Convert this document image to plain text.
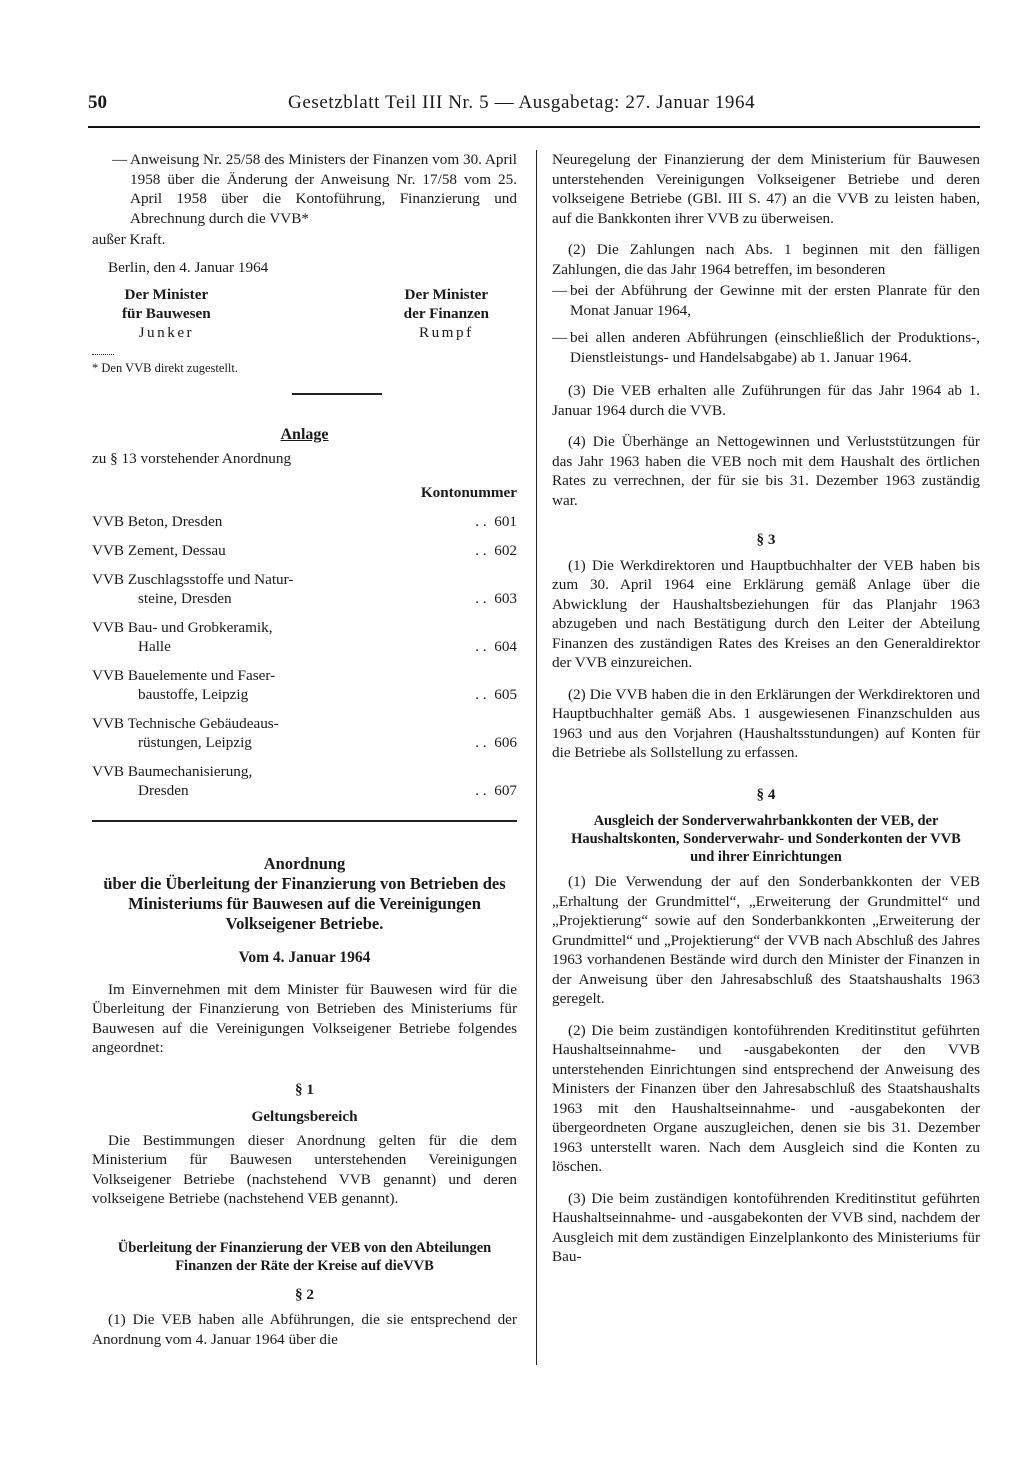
50	Gesetzblatt Teil III Nr. 5 — Ausgabetag: 27. Januar 1964
— Anweisung Nr. 25/58 des Ministers der Finanzen vom 30. April 1958 über die Änderung der Anweisung Nr. 17/58 vom 25. April 1958 über die Kontoführung, Finanzierung und Abrechnung durch die VVB*

außer Kraft.

Berlin, den 4. Januar 1964

Der Minister
für Bauwesen
Junker
Der Minister
der Finanzen
Rumpf

* Den VVB direkt zugestellt.

Anlage

zu § 13 vorstehender Anordnung

Kontonummer

VVB Beton, Dresden	. .  601

VVB Zement, Dessau	. .  602

VVB Zuschlagsstoffe und Natur-
steine, Dresden	. .  603

VVB Bau- und Grobkeramik,
Halle	. .  604

VVB Bauelemente und Faser-
baustoffe, Leipzig	. .  605

VVB Technische Gebäudeaus-
rüstungen, Leipzig	. .  606

VVB Baumechanisierung,
Dresden	. .  607

Anordnung

über die Überleitung der Finanzierung von Betrieben des Ministeriums für Bauwesen auf die Vereinigungen Volkseigener Betriebe.

Vom 4. Januar 1964

Im Einvernehmen mit dem Minister für Bauwesen wird für die Überleitung der Finanzierung von Betrieben des Ministeriums für Bauwesen auf die Vereinigungen Volkseigener Betriebe folgendes angeordnet:

§ 1

Geltungsbereich

Die Bestimmungen dieser Anordnung gelten für die dem Ministerium für Bauwesen unterstehenden Vereinigungen Volkseigener Betriebe (nachstehend VVB genannt) und deren volkseigene Betriebe (nachstehend VEB genannt).

Überleitung der Finanzierung der VEB von den Abteilungen Finanzen der Räte der Kreise auf dieVVB

§ 2

(1) Die VEB haben alle Abführungen, die sie entsprechend der Anordnung vom 4. Januar 1964 über die

Neuregelung der Finanzierung der dem Ministerium für Bauwesen unterstehenden Vereinigungen Volkseigener Betriebe und deren volkseigene Betriebe (GBl. III S. 47) an die VVB zu leisten haben, auf die Bankkonten ihrer VVB zu überweisen.

(2) Die Zahlungen nach Abs. 1 beginnen mit den fälligen Zahlungen, die das Jahr 1964 betreffen, im besonderen

— bei der Abführung der Gewinne mit der ersten Planrate für den Monat Januar 1964,
— bei allen anderen Abführungen (einschließlich der Produktions-, Dienstleistungs- und Handelsabgabe) ab 1. Januar 1964.

(3) Die VEB erhalten alle Zuführungen für das Jahr 1964 ab 1. Januar 1964 durch die VVB.

(4) Die Überhänge an Nettogewinnen und Verluststützungen für das Jahr 1963 haben die VEB noch mit dem Haushalt des örtlichen Rates zu verrechnen, der für sie bis 31. Dezember 1963 zuständig war.

§ 3

(1) Die Werkdirektoren und Hauptbuchhalter der VEB haben bis zum 30. April 1964 eine Erklärung gemäß Anlage über die Abwicklung der Haushaltsbeziehungen für das Planjahr 1963 abzugeben und nach Bestätigung durch den Leiter der Abteilung Finanzen des zuständigen Rates des Kreises an den Generaldirektor der VVB einzureichen.

(2) Die VVB haben die in den Erklärungen der Werkdirektoren und Hauptbuchhalter gemäß Abs. 1 ausgewiesenen Finanzschulden aus 1963 und aus den Vorjahren (Haushaltsstundungen) auf Konten für die Betriebe als Sollstellung zu erfassen.

§ 4

Ausgleich der Sonderverwahrbankkonten der VEB, der Haushaltskonten, Sonderverwahr- und Sonderkonten der VVB und ihrer Einrichtungen

(1) Die Verwendung der auf den Sonderbankkonten der VEB „Erhaltung der Grundmittel“, „Erweiterung der Grundmittel“ und „Projektierung“ sowie auf den Sonderbankkonten „Erweiterung der Grundmittel“ und „Projektierung“ der VVB nach Abschluß des Jahres 1963 vorhandenen Bestände wird durch den Minister der Finanzen in der Anweisung über den Jahresabschluß des Staatshaushalts 1963 geregelt.

(2) Die beim zuständigen kontoführenden Kreditinstitut geführten Haushaltseinnahme- und -ausgabekonten der den VVB unterstehenden Einrichtungen sind entsprechend der Anweisung des Ministers der Finanzen über den Jahresabschluß des Staatshaushalts 1963 mit den Haushaltseinnahme- und -ausgabekonten der übergeordneten Organe auszugleichen, denen sie bis 31. Dezember 1963 unterstellt waren. Nach dem Ausgleich sind die Konten zu löschen.

(3) Die beim zuständigen kontoführenden Kreditinstitut geführten Haushaltseinnahme- und -ausgabekonten der VVB sind, nachdem der Ausgleich mit dem zuständigen Einzelplankonto des Ministeriums für Bau-
